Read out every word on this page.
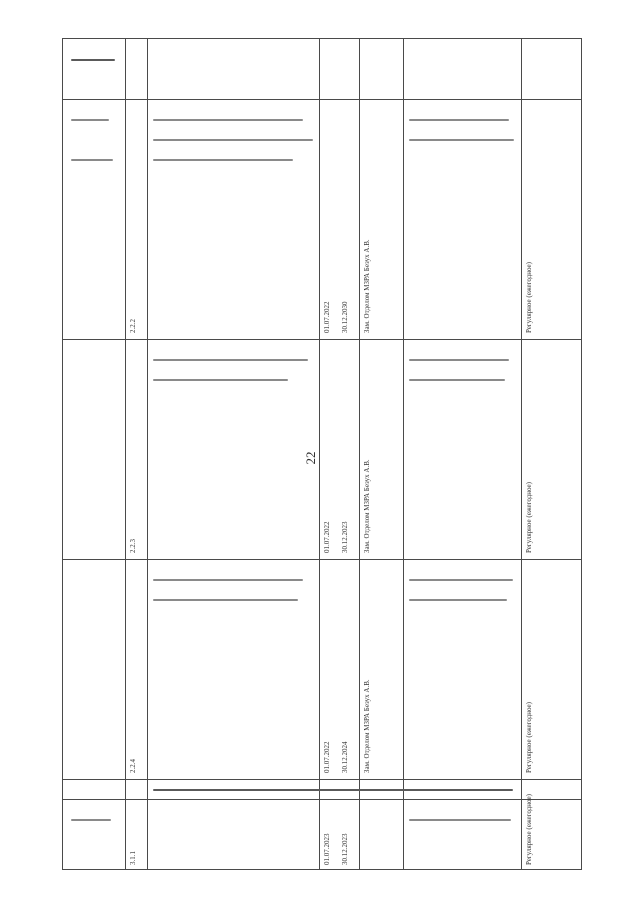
22
2.2.2
2.2.3
2.2.4
3.1.1
01.07.2022
01.07.2022
01.07.2022
01.07.2023
30.12.2030
30.12.2023
30.12.2024
30.12.2023
Зам. Отделом МЗРА Безух А.В.
Зам. Отделом МЗРА Безух А.В.
Зам. Отделом МЗРА Безух А.В.
Регулярное (ежегодное)
Регулярное (ежегодное)
Регулярное (ежегодное)
Регулярное (ежегодное)
